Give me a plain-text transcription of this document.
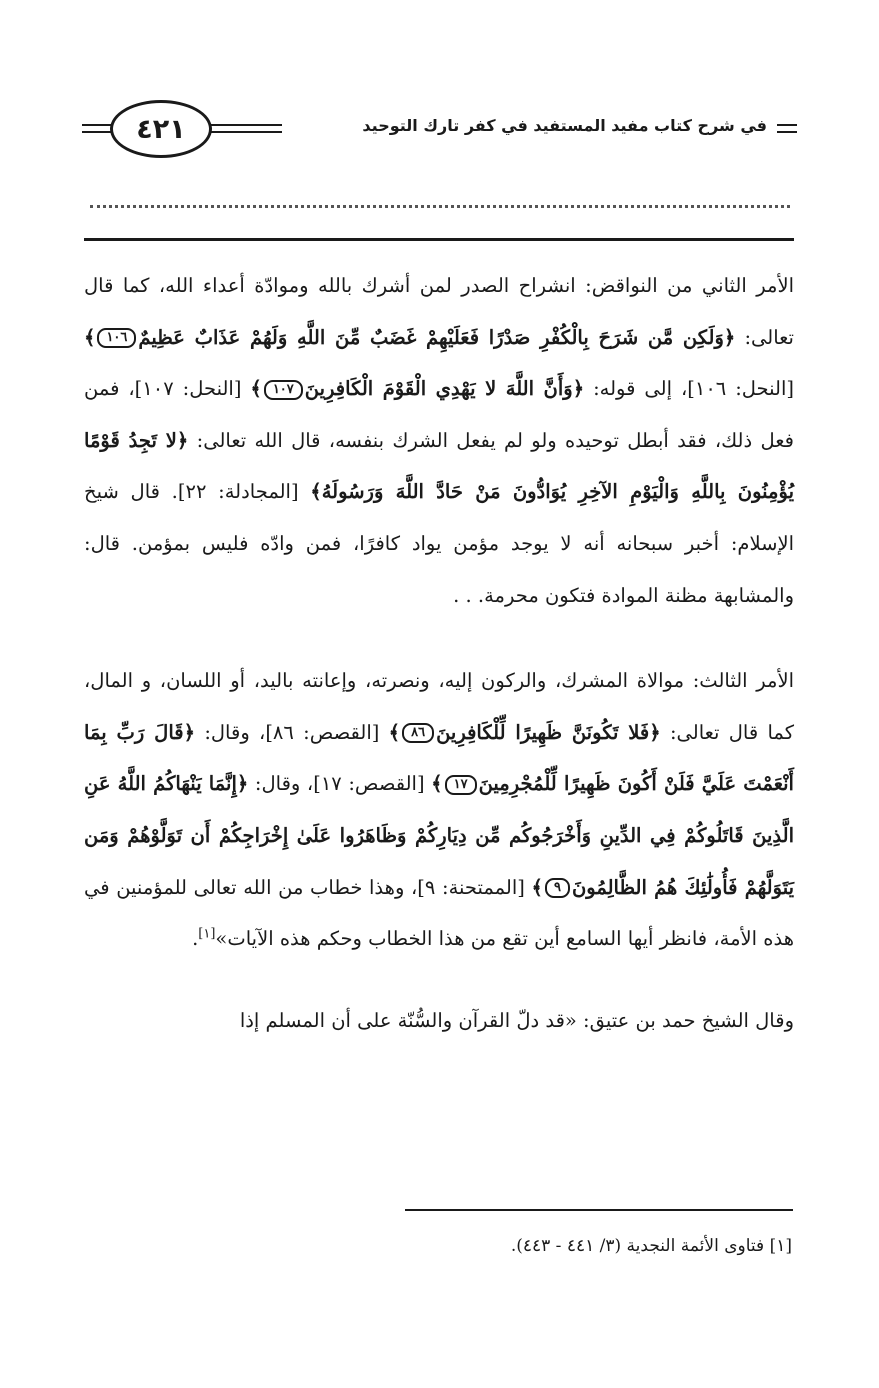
٤٢١	في شرح كتاب مفيد المستفيد في كفر تارك التوحيد

الأمر الثاني من النواقض: انشراح الصدر لمن أشرك بالله وموادّة أعداء الله، كما قال تعالى: ﴿وَلَكِن مَّن شَرَحَ بِالْكُفْرِ صَدْرًا فَعَلَيْهِمْ غَضَبٌ مِّنَ اللَّهِ وَلَهُمْ عَذَابٌ عَظِيمٌ١٠٦﴾ [النحل: ١٠٦]، إلى قوله: ﴿وَأَنَّ اللَّهَ لا يَهْدِي الْقَوْمَ الْكَافِرِينَ١٠٧﴾ [النحل: ١٠٧]، فمن فعل ذلك، فقد أبطل توحيده ولو لم يفعل الشرك بنفسه، قال الله تعالى: ﴿لا تَجِدُ قَوْمًا يُؤْمِنُونَ بِاللَّهِ وَالْيَوْمِ الآخِرِ يُوَادُّونَ مَنْ حَادَّ اللَّهَ وَرَسُولَهُ﴾ [المجادلة: ٢٢]. قال شيخ الإسلام: أخبر سبحانه أنه لا يوجد مؤمن يواد كافرًا، فمن وادّه فليس بمؤمن. قال: والمشابهة مظنة الموادة فتكون محرمة. . .

الأمر الثالث: موالاة المشرك، والركون إليه، ونصرته، وإعانته باليد، أو اللسان، و المال، كما قال تعالى: ﴿فَلا تَكُونَنَّ ظَهِيرًا لِّلْكَافِرِينَ٨٦﴾ [القصص: ٨٦]، وقال: ﴿قَالَ رَبِّ بِمَا أَنْعَمْتَ عَلَيَّ فَلَنْ أَكُونَ ظَهِيرًا لِّلْمُجْرِمِينَ١٧﴾ [القصص: ١٧]، وقال: ﴿إِنَّمَا يَنْهَاكُمُ اللَّهُ عَنِ الَّذِينَ قَاتَلُوكُمْ فِي الدِّينِ وَأَخْرَجُوكُم مِّن دِيَارِكُمْ وَظَاهَرُوا عَلَىٰ إِخْرَاجِكُمْ أَن تَوَلَّوْهُمْ وَمَن يَتَوَلَّهُمْ فَأُولَٰئِكَ هُمُ الظَّالِمُونَ٩﴾ [الممتحنة: ٩]، وهذا خطاب من الله تعالى للمؤمنين في هذه الأمة، فانظر أيها السامع أين تقع من هذا الخطاب وحكم هذه الآيات»[١].

وقال الشيخ حمد بن عتيق: «قد دلّ القرآن والسُّنّة على أن المسلم إذا

[١] فتاوى الأئمة النجدية (٣/ ٤٤١ - ٤٤٣).
